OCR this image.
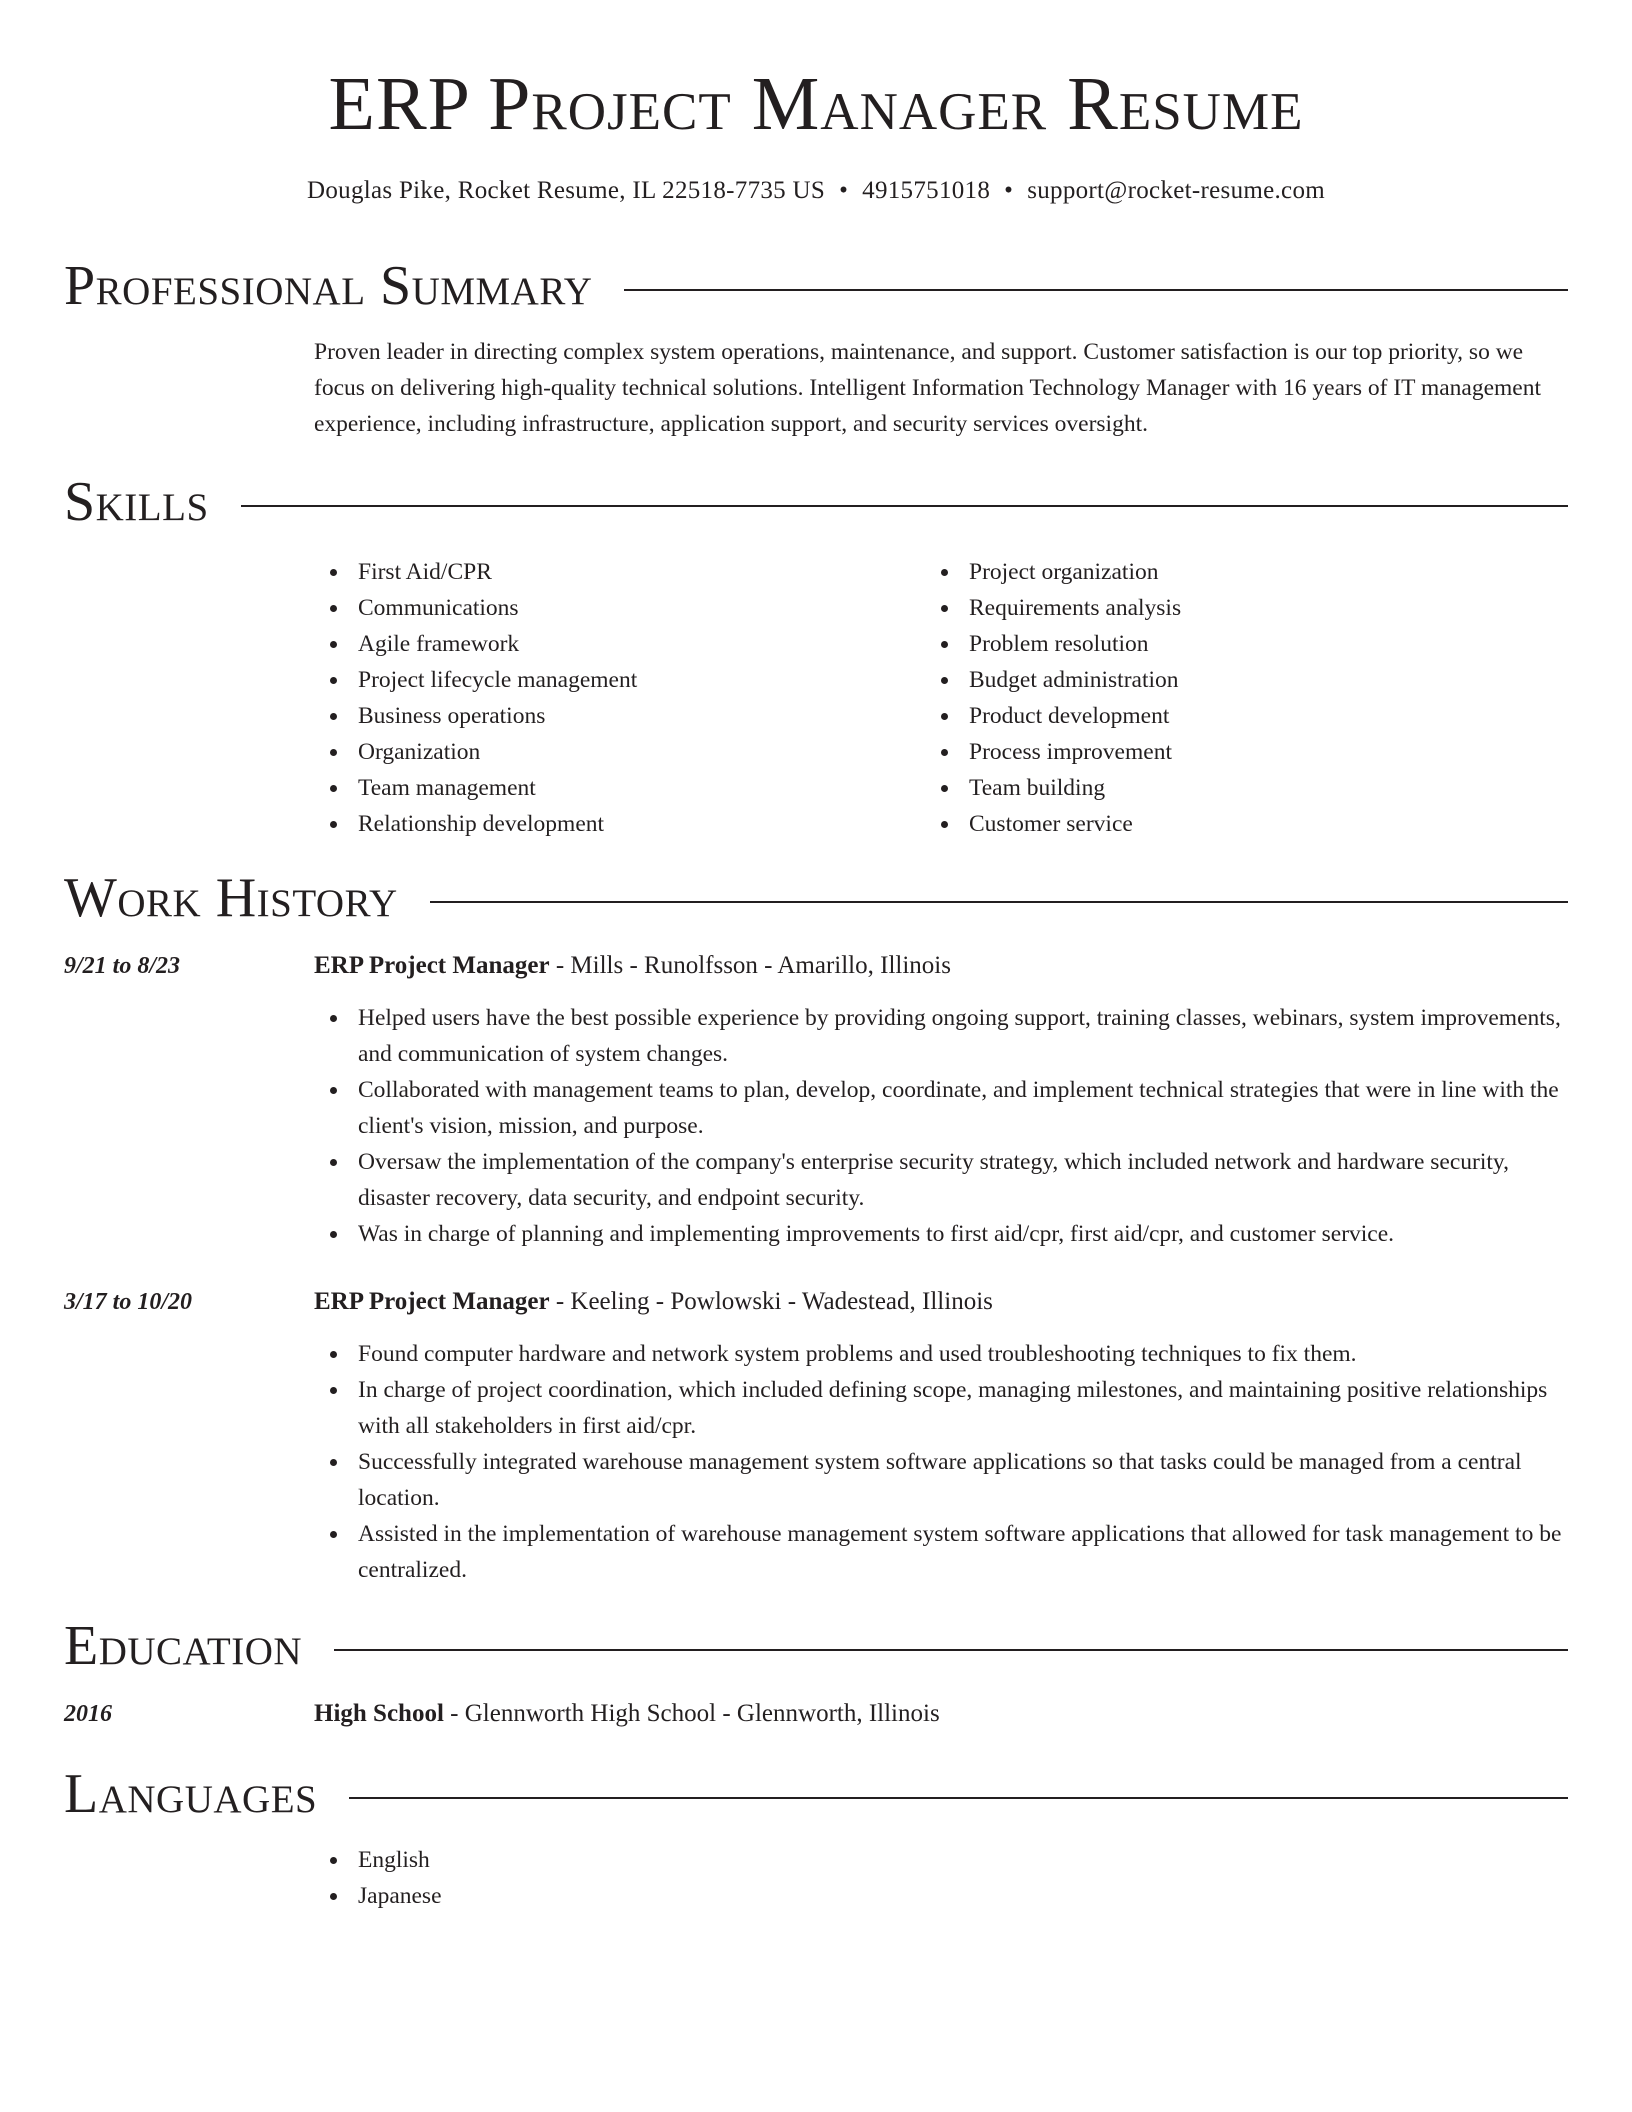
ERP Project Manager Resume
Douglas Pike, Rocket Resume, IL 22518-7735 US • 4915751018 • support@rocket-resume.com
Professional Summary
Proven leader in directing complex system operations, maintenance, and support. Customer satisfaction is our top priority, so we focus on delivering high-quality technical solutions. Intelligent Information Technology Manager with 16 years of IT management experience, including infrastructure, application support, and security services oversight.
Skills
First Aid/CPR
Communications
Agile framework
Project lifecycle management
Business operations
Organization
Team management
Relationship development
Project organization
Requirements analysis
Problem resolution
Budget administration
Product development
Process improvement
Team building
Customer service
Work History
9/21 to 8/23	ERP Project Manager - Mills - Runolfsson - Amarillo, Illinois
Helped users have the best possible experience by providing ongoing support, training classes, webinars, system improvements, and communication of system changes.
Collaborated with management teams to plan, develop, coordinate, and implement technical strategies that were in line with the client's vision, mission, and purpose.
Oversaw the implementation of the company's enterprise security strategy, which included network and hardware security, disaster recovery, data security, and endpoint security.
Was in charge of planning and implementing improvements to first aid/cpr, first aid/cpr, and customer service.
3/17 to 10/20	ERP Project Manager - Keeling - Powlowski - Wadestead, Illinois
Found computer hardware and network system problems and used troubleshooting techniques to fix them.
In charge of project coordination, which included defining scope, managing milestones, and maintaining positive relationships with all stakeholders in first aid/cpr.
Successfully integrated warehouse management system software applications so that tasks could be managed from a central location.
Assisted in the implementation of warehouse management system software applications that allowed for task management to be centralized.
Education
2016	High School - Glennworth High School - Glennworth, Illinois
Languages
English
Japanese
